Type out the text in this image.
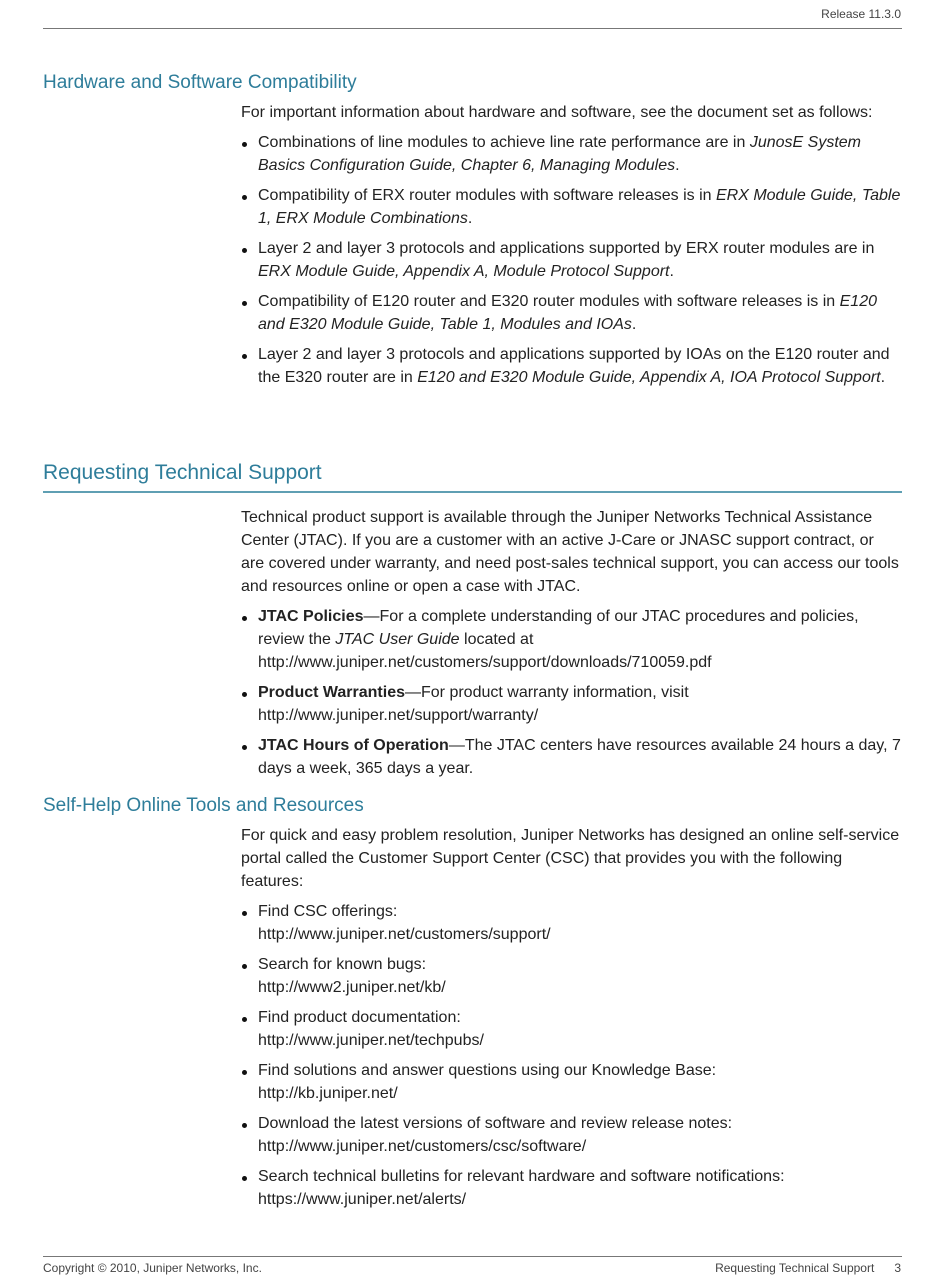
Release 11.3.0
Hardware and Software Compatibility

For important information about hardware and software, see the document set as follows:

Combinations of line modules to achieve line rate performance are in JunosE System Basics Configuration Guide, Chapter 6, Managing Modules.
Compatibility of ERX router modules with software releases is in ERX Module Guide, Table 1, ERX Module Combinations.
Layer 2 and layer 3 protocols and applications supported by ERX router modules are in ERX Module Guide, Appendix A, Module Protocol Support.
Compatibility of E120 router and E320 router modules with software releases is in E120 and E320 Module Guide, Table 1, Modules and IOAs.
Layer 2 and layer 3 protocols and applications supported by IOAs on the E120 router and the E320 router are in E120 and E320 Module Guide, Appendix A, IOA Protocol Support.
Requesting Technical Support

Technical product support is available through the Juniper Networks Technical Assistance Center (JTAC). If you are a customer with an active J-Care or JNASC support contract, or are covered under warranty, and need post-sales technical support, you can access our tools and resources online or open a case with JTAC.

JTAC Policies—For a complete understanding of our JTAC procedures and policies, review the JTAC User Guide located at
http://www.juniper.net/customers/support/downloads/710059.pdf
Product Warranties—For product warranty information, visit
http://www.juniper.net/support/warranty/
JTAC Hours of Operation—The JTAC centers have resources available 24 hours a day, 7 days a week, 365 days a year.
Self-Help Online Tools and Resources

For quick and easy problem resolution, Juniper Networks has designed an online self-service portal called the Customer Support Center (CSC) that provides you with the following features:

Find CSC offerings:
http://www.juniper.net/customers/support/
Search for known bugs:
http://www2.juniper.net/kb/
Find product documentation:
http://www.juniper.net/techpubs/
Find solutions and answer questions using our Knowledge Base:
http://kb.juniper.net/
Download the latest versions of software and review release notes:
http://www.juniper.net/customers/csc/software/
Search technical bulletins for relevant hardware and software notifications:
https://www.juniper.net/alerts/
Copyright © 2010, Juniper Networks, Inc.	Requesting Technical Support 3
